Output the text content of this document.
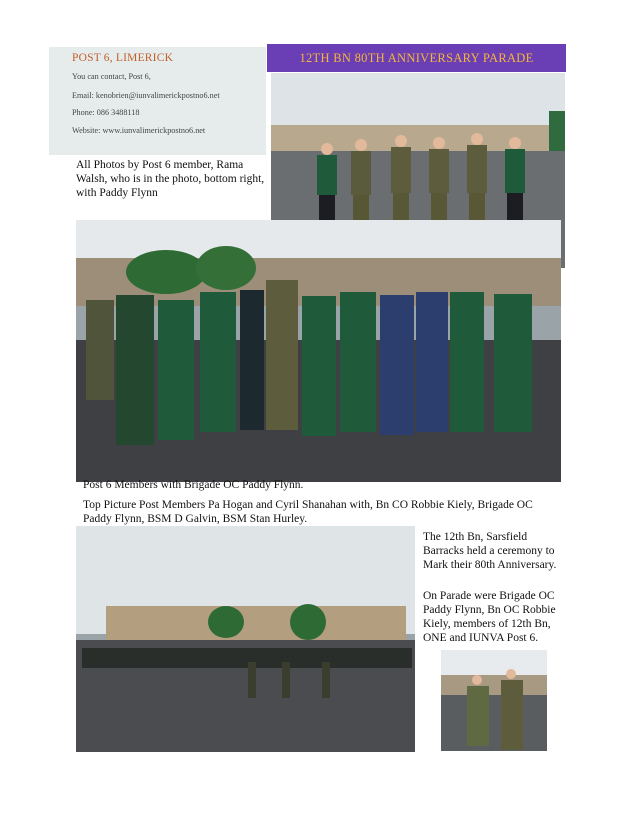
POST 6, LIMERICK
You can contact, Post 6,
Email: kenobrien@iunvalimerickpostno6.net
Phone: 086 3488118
Website: www.iunvalimerickpostno6.net
12TH BN 80TH ANNIVERSARY PARADE
All Photos by Post 6 member, Rama Walsh, who is in the photo, bottom right, with Paddy Flynn
Post 6 Members with Brigade OC Paddy Flynn.
Top Picture Post Members Pa Hogan and Cyril Shanahan with, Bn CO Robbie Kiely, Brigade OC Paddy Flynn, BSM D Galvin, BSM Stan Hurley.
The 12th Bn, Sarsfield Barracks held a ceremony to Mark their 80th Anniversary.
On Parade were Brigade OC Paddy Flynn, Bn OC Robbie Kiely, members of 12th Bn, ONE and IUNVA Post 6.
